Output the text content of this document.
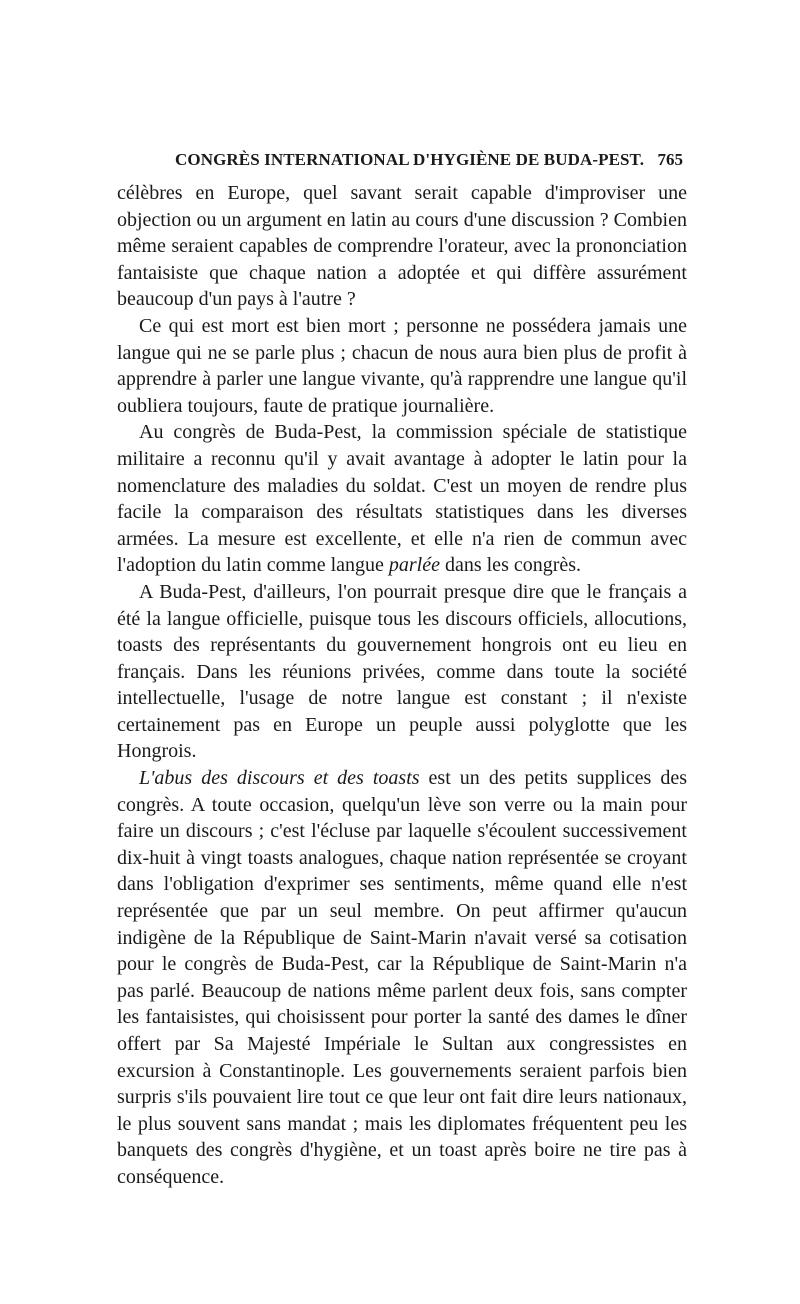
CONGRÈS INTERNATIONAL D'HYGIÈNE DE BUDA-PEST. 765

célèbres en Europe, quel savant serait capable d'improviser une objection ou un argument en latin au cours d'une discussion ? Combien même seraient capables de comprendre l'orateur, avec la prononciation fantaisiste que chaque nation a adoptée et qui diffère assurément beaucoup d'un pays à l'autre ?

Ce qui est mort est bien mort ; personne ne possédera jamais une langue qui ne se parle plus ; chacun de nous aura bien plus de profit à apprendre à parler une langue vivante, qu'à rapprendre une langue qu'il oubliera toujours, faute de pratique journalière.

Au congrès de Buda-Pest, la commission spéciale de statistique militaire a reconnu qu'il y avait avantage à adopter le latin pour la nomenclature des maladies du soldat. C'est un moyen de rendre plus facile la comparaison des résultats statistiques dans les diverses armées. La mesure est excellente, et elle n'a rien de commun avec l'adoption du latin comme langue parlée dans les congrès.

A Buda-Pest, d'ailleurs, l'on pourrait presque dire que le français a été la langue officielle, puisque tous les discours officiels, allocutions, toasts des représentants du gouvernement hongrois ont eu lieu en français. Dans les réunions privées, comme dans toute la société intellectuelle, l'usage de notre langue est constant ; il n'existe certainement pas en Europe un peuple aussi polyglotte que les Hongrois.

L'abus des discours et des toasts est un des petits supplices des congrès. A toute occasion, quelqu'un lève son verre ou la main pour faire un discours ; c'est l'écluse par laquelle s'écoulent successivement dix-huit à vingt toasts analogues, chaque nation représentée se croyant dans l'obligation d'exprimer ses sentiments, même quand elle n'est représentée que par un seul membre. On peut affirmer qu'aucun indigène de la République de Saint-Marin n'avait versé sa cotisation pour le congrès de Buda-Pest, car la République de Saint-Marin n'a pas parlé. Beaucoup de nations même parlent deux fois, sans compter les fantaisistes, qui choisissent pour porter la santé des dames le dîner offert par Sa Majesté Impériale le Sultan aux congressistes en excursion à Constantinople. Les gouvernements seraient parfois bien surpris s'ils pouvaient lire tout ce que leur ont fait dire leurs nationaux, le plus souvent sans mandat ; mais les diplomates fréquentent peu les banquets des congrès d'hygiène, et un toast après boire ne tire pas à conséquence.
